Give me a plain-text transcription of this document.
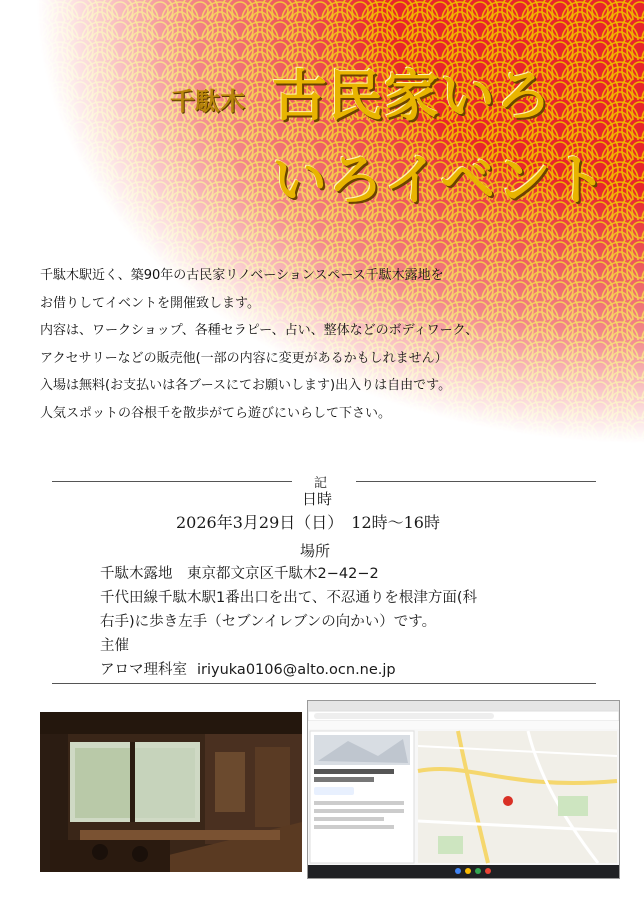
千駄木 古民家いろ
いろイベント

千駄木駅近く、築90年の古民家リノベーションスペース千駄木露地を

お借りしてイベントを開催致します。

内容は、ワークショップ、各種セラピー、占い、整体などのボディワーク、

アクセサリーなどの販売他(一部の内容に変更があるかもしれません）

入場は無料(お支払いは各ブースにてお願いします)出入りは自由です。

人気スポットの谷根千を散歩がてら遊びにいらして下さい。

記
日時
2026年3月29日（日）　12時〜16時
場所
千駄木露地　東京都文京区千駄木2−42−2
千代田線千駄木駅1番出口を出て、不忍通りを根津方面(科
右手)に歩き左手（セブンイレブンの向かい）です。
主催
アロマ理科室 iriyuka0106@alto.ocn.ne.jp
